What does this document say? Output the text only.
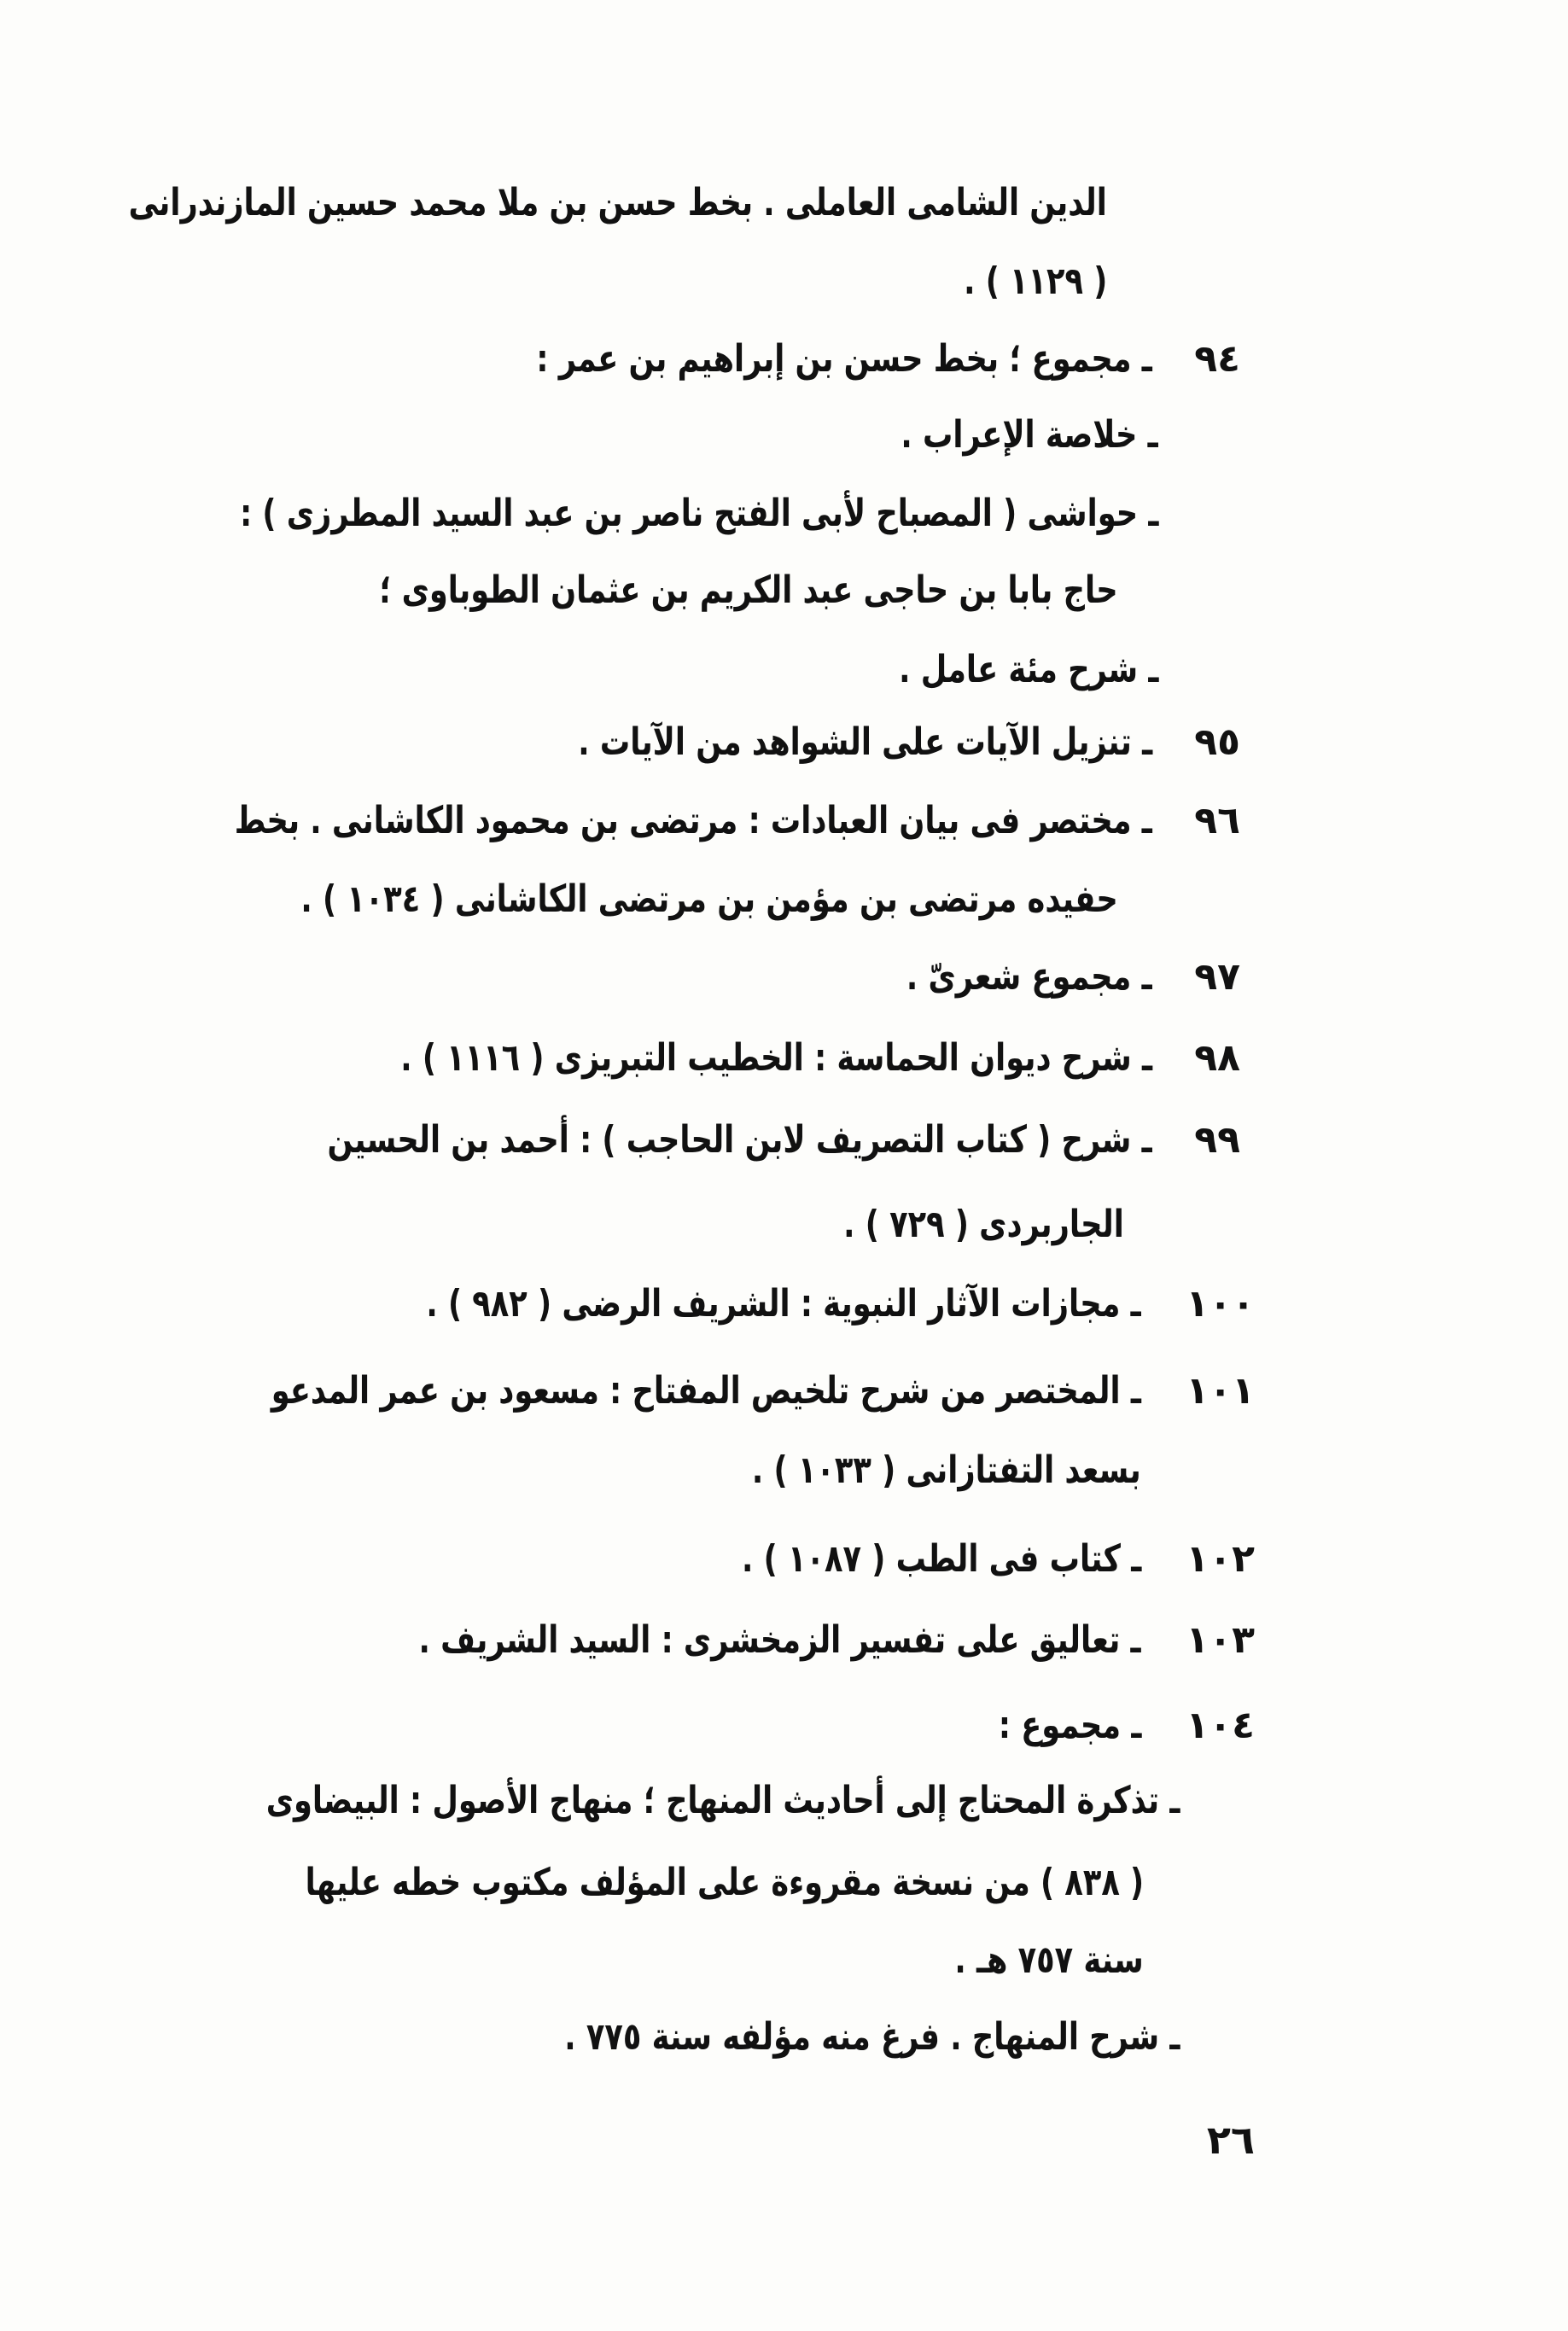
الدين الشامى العاملى . بخط حسن بن ملا محمد حسين المازندرانى
( ١١٢٩ ) .
٩٤
ـ مجموع ؛ بخط حسن بن إبراهيم بن عمر :
ـ خلاصة الإعراب .
ـ حواشى ( المصباح لأبى الفتح ناصر بن عبد السيد المطرزى ) :
حاج بابا بن حاجى عبد الكريم بن عثمان الطوباوى ؛
ـ شرح مئة عامل .
٩٥
ـ تنزيل الآيات على الشواهد من الآيات .
٩٦
ـ مختصر فى بيان العبادات : مرتضى بن محمود الكاشانى . بخط
حفيده مرتضى بن مؤمن بن مرتضى الكاشانى ( ١٠٣٤ ) .
٩٧
ـ مجموع شعرىّ .
٩٨
ـ شرح ديوان الحماسة : الخطيب التبريزى ( ١١١٦ ) .
٩٩
ـ شرح ( كتاب التصريف لابن الحاجب ) : أحمد بن الحسين
الجاربردى ( ٧٢٩ ) .
١٠٠
ـ مجازات الآثار النبوية : الشريف الرضى ( ٩٨٢ ) .
١٠١
ـ المختصر من شرح تلخيص المفتاح : مسعود بن عمر المدعو
بسعد التفتازانى ( ١٠٣٣ ) .
١٠٢
ـ كتاب فى الطب ( ١٠٨٧ ) .
١٠٣
ـ تعاليق على تفسير الزمخشرى : السيد الشريف .
١٠٤
ـ مجموع :
ـ تذكرة المحتاج إلى أحاديث المنهاج ؛ منهاج الأصول : البيضاوى
( ٨٣٨ ) من نسخة مقروءة على المؤلف مكتوب خطه عليها
سنة ٧٥٧ هـ .
ـ شرح المنهاج . فرغ منه مؤلفه سنة ٧٧٥ .
٢٦
